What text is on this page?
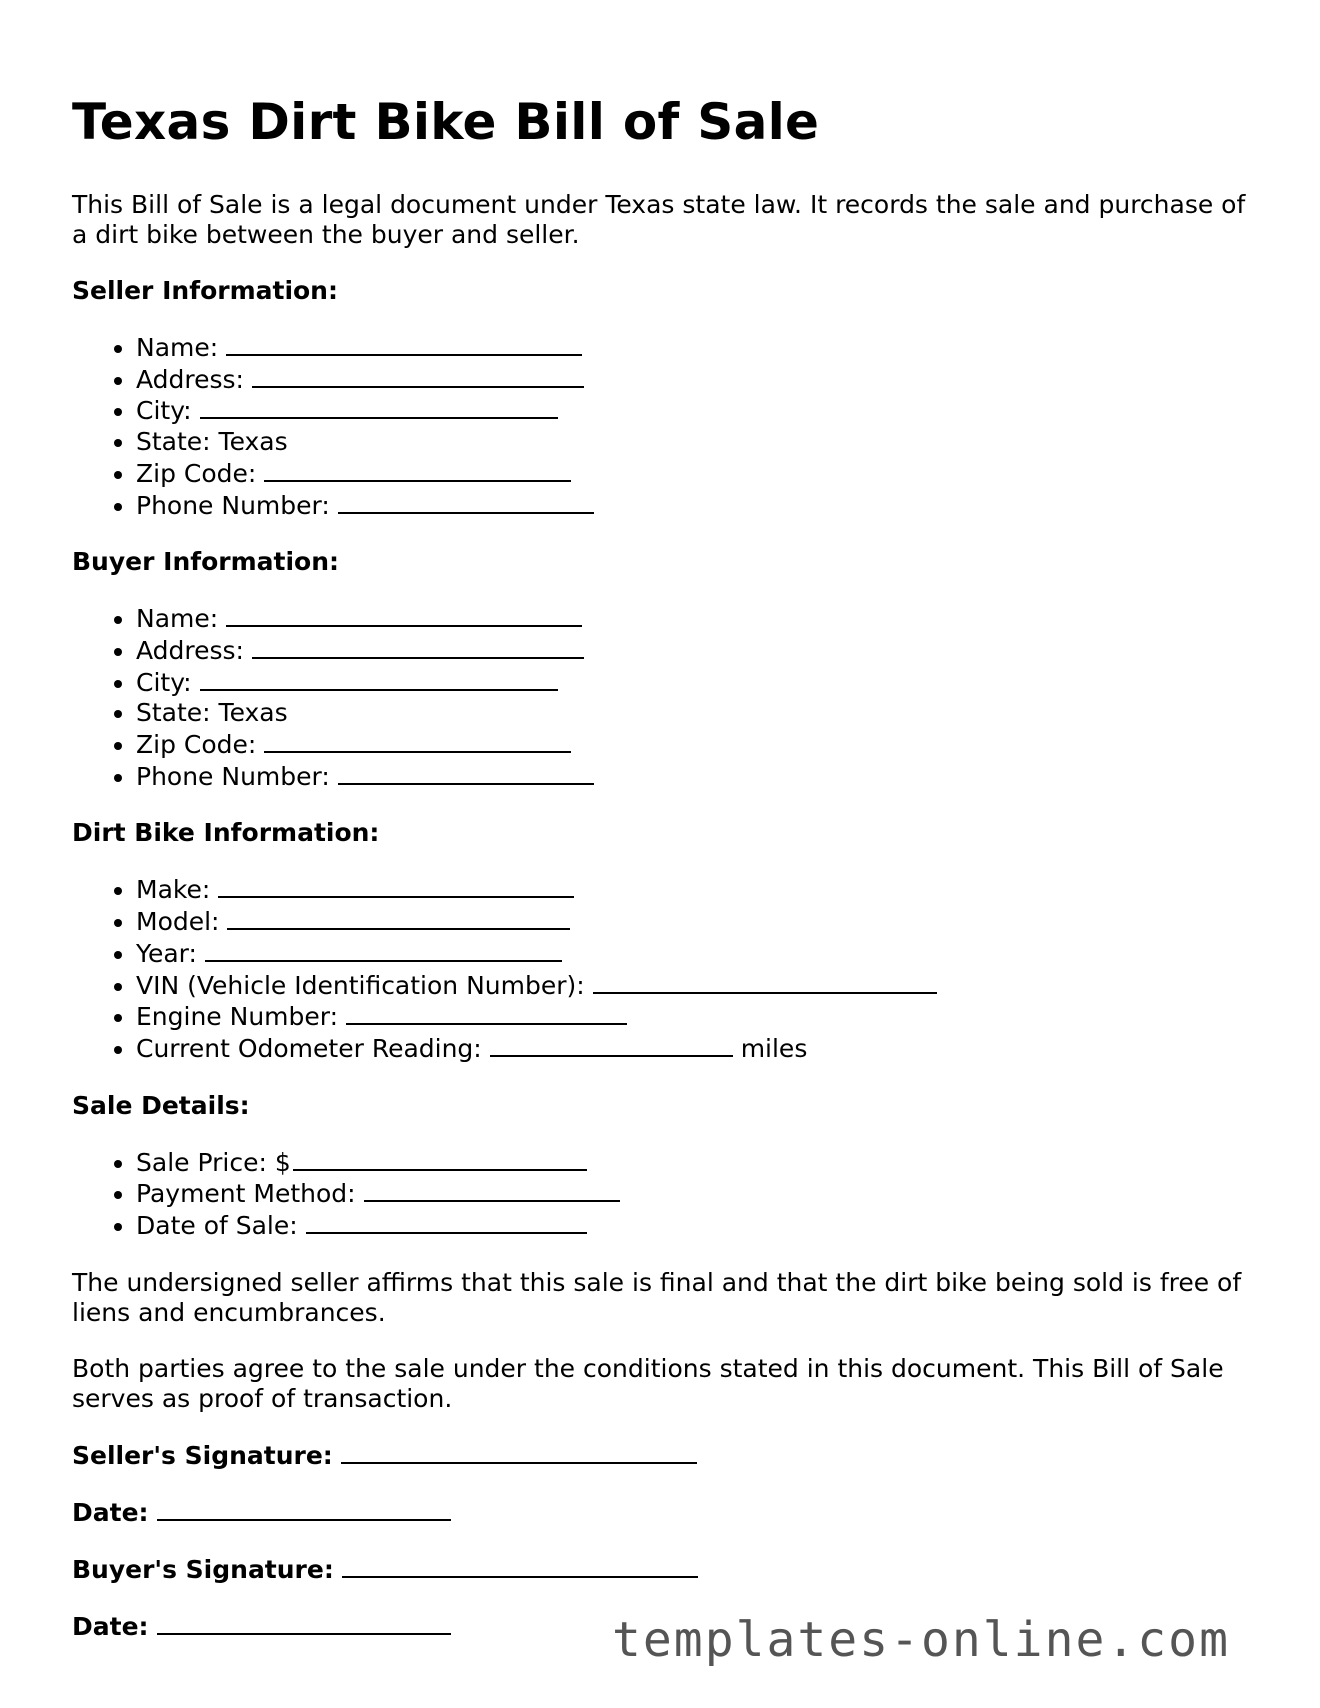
Texas Dirt Bike Bill of Sale

This Bill of Sale is a legal document under Texas state law. It records the sale and purchase of a dirt bike between the buyer and seller.

Seller Information:
• Name:
• Address:
• City:
• State: Texas
• Zip Code:
• Phone Number:
Buyer Information:
• Name:
• Address:
• City:
• State: Texas
• Zip Code:
• Phone Number:
Dirt Bike Information:
• Make:
• Model:
• Year:
• VIN (Vehicle Identification Number):
• Engine Number:
• Current Odometer Reading:	miles
Sale Details:
• Sale Price: $
• Payment Method:
• Date of Sale:

The undersigned seller affirms that this sale is final and that the dirt bike being sold is free of liens and encumbrances.

Both parties agree to the sale under the conditions stated in this document. This Bill of Sale serves as proof of transaction.

Seller's Signature:
Date:
Buyer's Signature:
Date:	templates-online.com
